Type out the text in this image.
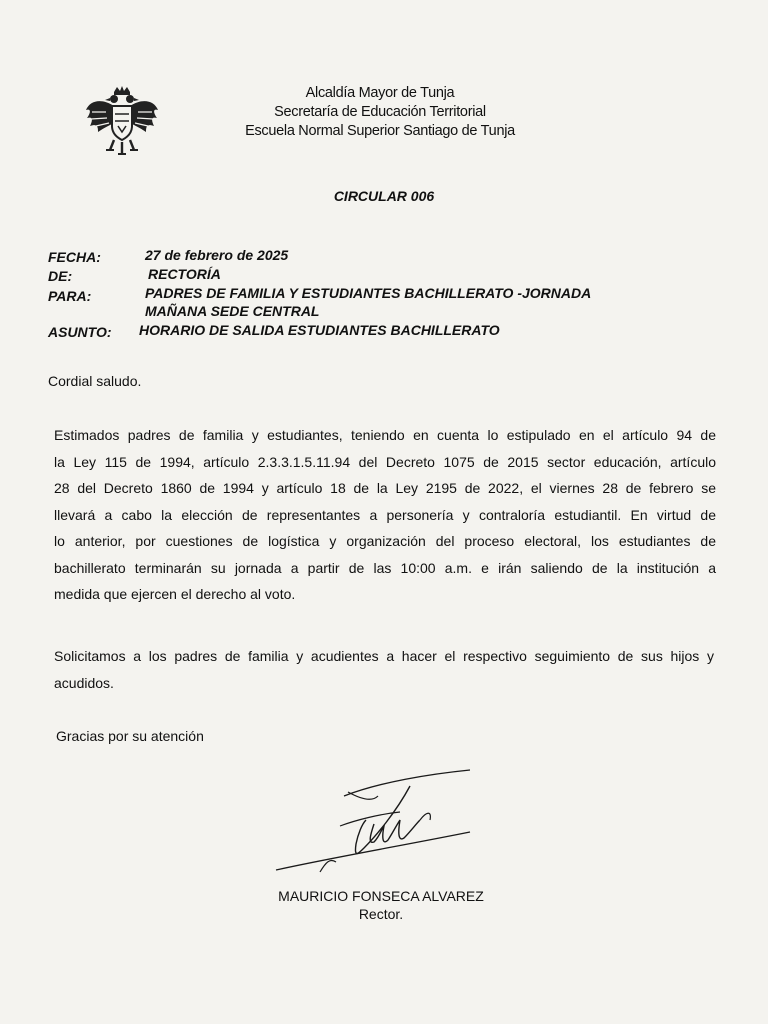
Alcaldía Mayor de Tunja
Secretaría de Educación Territorial
Escuela Normal Superior Santiago de Tunja
CIRCULAR 006
FECHA:	27 de febrero de 2025
DE:	RECTORÍA
PARA:	PADRES DE FAMILIA Y ESTUDIANTES BACHILLERATO -JORNADA
MAÑANA SEDE CENTRAL
ASUNTO: HORARIO DE SALIDA ESTUDIANTES BACHILLERATO
Cordial saludo.
Estimados padres de familia y estudiantes, teniendo en cuenta lo estipulado en el artículo 94 de
la Ley 115 de 1994, artículo 2.3.3.1.5.11.94 del Decreto 1075 de 2015 sector educación, artículo
28 del Decreto 1860 de 1994 y artículo 18 de la Ley 2195 de 2022, el viernes 28 de febrero se
llevará a cabo la elección de representantes a personería y contraloría estudiantil. En virtud de
lo anterior, por cuestiones de logística y organización del proceso electoral, los estudiantes de
bachillerato terminarán su jornada a partir de las 10:00 a.m. e irán saliendo de la institución a
medida que ejercen el derecho al voto.
Solicitamos a los padres de familia y acudientes a hacer el respectivo seguimiento de sus hijos y
acudidos.
Gracias por su atención
MAURICIO FONSECA ALVAREZ
Rector.
